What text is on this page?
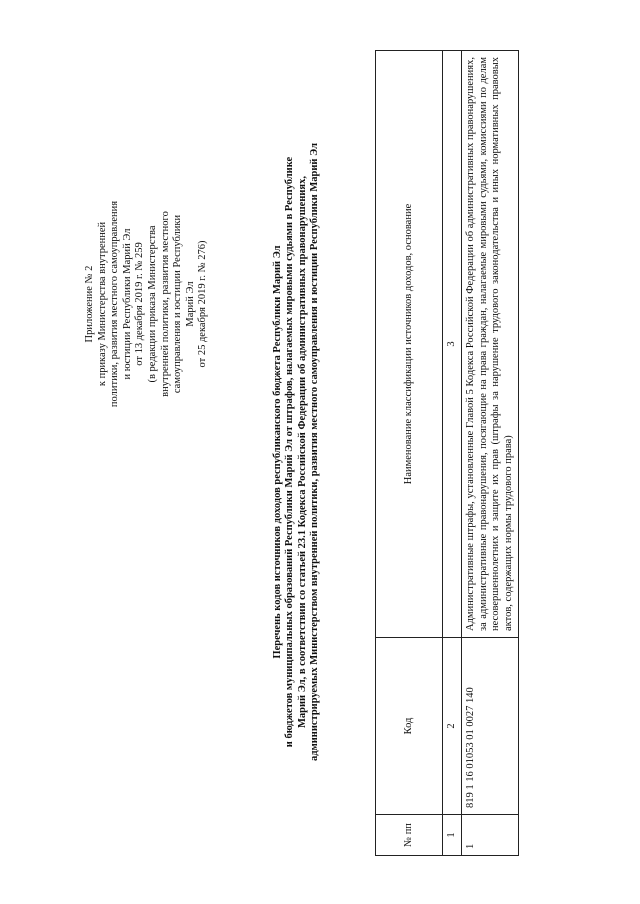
Приложение № 2 к приказу Министерства внутренней политики, развития местного самоуправления и юстиции Республики Марий Эл от 13 декабря 2019 г. № 259 (в редакции приказа Министерства внутренней политики, развития местного самоуправления и юстиции Республики Марий Эл от 25 декабря 2019 г. № 276)	Перечень кодов источников доходов республиканского бюджета Республики Марий Эл и бюджетов муниципальных образований Республики Марий Эл от штрафов, налагаемых мировыми судьями в Республике Марий Эл, в соответствии со статьей 23.1 Кодекса Российской Федерации об административных правонарушениях, администрируемых Министерством внутренней политики, развития местного самоуправления и юстиции Республики Марий Эл
№ пп	Код	Наименование классификации источников доходов, основание
1	2	3
1	819 1 16 01053 01 0027 140	Административные штрафы, установленные Главой 5 Кодекса Российской Федерации об административных правонарушениях, за административные правонарушения, посягающие на права граждан, налагаемые мировыми судьями, комиссиями по делам несовершеннолетних и защите их прав (штрафы за нарушение трудового законодательства и иных нормативных правовых актов, содержащих нормы трудового права)
